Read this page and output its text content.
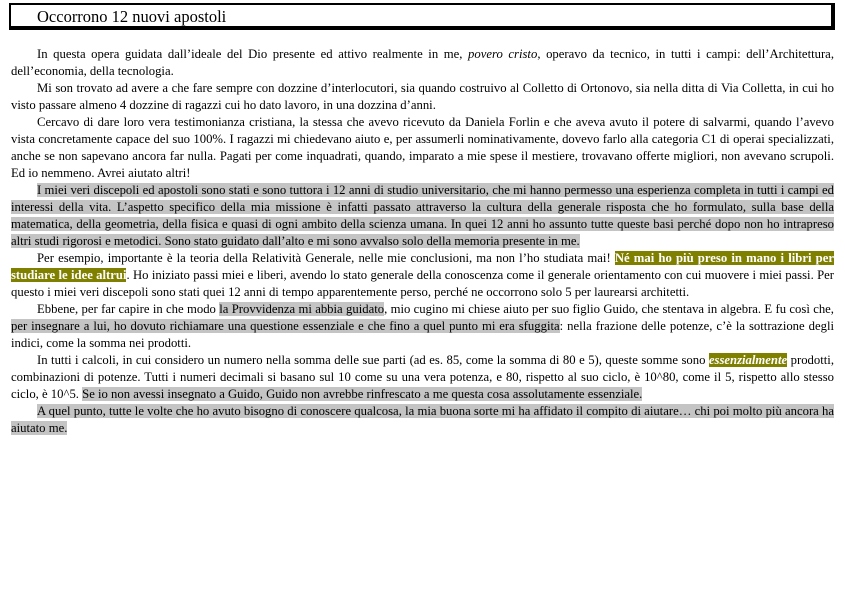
Occorrono 12 nuovi apostoli

In questa opera guidata dall’ideale del Dio presente ed attivo realmente in me, povero cristo, operavo da tecnico, in tutti i campi: dell’Architettura, dell’economia, della tecnologia.

Mi son trovato ad avere a che fare sempre con dozzine d’interlocutori, sia quando costruivo al Colletto di Ortonovo, sia nella ditta di Via Colletta, in cui ho visto passare almeno 4 dozzine di ragazzi cui ho dato lavoro, in una dozzina d’anni.

Cercavo di dare loro vera testimonianza cristiana, la stessa che avevo ricevuto da Daniela Forlin e che aveva avuto il potere di salvarmi, quando l’avevo vista concretamente capace del suo 100%. I ragazzi mi chiedevano aiuto e, per assumerli nominativamente, dovevo farlo alla categoria C1 di operai specializzati, anche se non sapevano ancora far nulla. Pagati per come inquadrati, quando, imparato a mie spese il mestiere, trovavano offerte migliori, non avevano scrupoli. Ed io nemmeno. Avrei aiutato altri!

I miei veri discepoli ed apostoli sono stati e sono tuttora i 12 anni di studio universitario, che mi hanno permesso una esperienza completa in tutti i campi ed interessi della vita. L’aspetto specifico della mia missione è infatti passato attraverso la cultura della generale risposta che ho formulato, sulla base della matematica, della geometria, della fisica e quasi di ogni ambito della scienza umana. In quei 12 anni ho assunto tutte queste basi perché dopo non ho intrapreso altri studi rigorosi e metodici. Sono stato guidato dall’alto e mi sono avvalso solo della memoria presente in me.

Per esempio, importante è la teoria della Relatività Generale, nelle mie conclusioni, ma non l’ho studiata mai! Né mai ho più preso in mano i libri per studiare le idee altrui. Ho iniziato passi miei e liberi, avendo lo stato generale della conoscenza come il generale orientamento con cui muovere i miei passi. Per questo i miei veri discepoli sono stati quei 12 anni di tempo apparentemente perso, perché ne occorrono solo 5 per laurearsi architetti.

Ebbene, per far capire in che modo la Provvidenza mi abbia guidato, mio cugino mi chiese aiuto per suo figlio Guido, che stentava in algebra. E fu così che, per insegnare a lui, ho dovuto richiamare una questione essenziale e che fino a quel punto mi era sfuggita: nella frazione delle potenze, c’è la sottrazione degli indici, come la somma nei prodotti.

In tutti i calcoli, in cui considero un numero nella somma delle sue parti (ad es. 85, come la somma di 80 e 5), queste somme sono essenzialmente prodotti, combinazioni di potenze. Tutti i numeri decimali si basano sul 10 come su una vera potenza, e 80, rispetto al suo ciclo, è 10^80, come il 5, rispetto allo stesso ciclo, è 10^5. Se io non avessi insegnato a Guido, Guido non avrebbe rinfrescato a me questa cosa assolutamente essenziale.

A quel punto, tutte le volte che ho avuto bisogno di conoscere qualcosa, la mia buona sorte mi ha affidato il compito di aiutare… chi poi molto più ancora ha aiutato me.
